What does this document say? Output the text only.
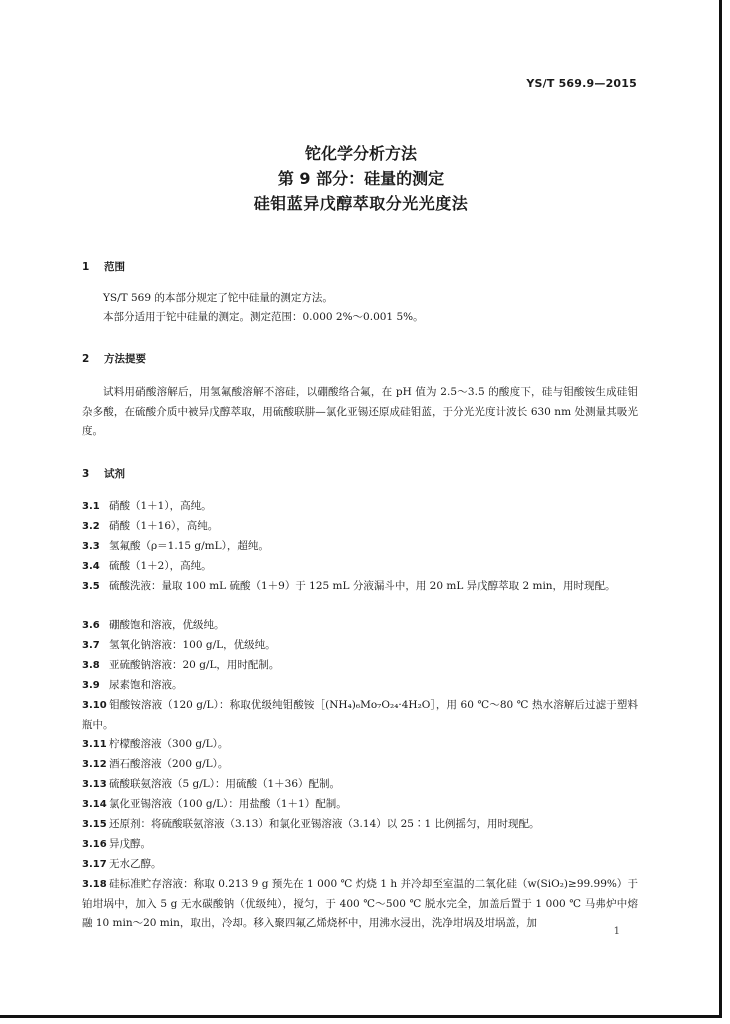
YS/T 569.9—2015
铊化学分析方法
第 9 部分：硅量的测定
硅钼蓝异戊醇萃取分光光度法
1 范围
YS/T 569 的本部分规定了铊中硅量的测定方法。
本部分适用于铊中硅量的测定。测定范围：0.000 2%～0.001 5%。
2 方法提要
试料用硝酸溶解后，用氢氟酸溶解不溶硅，以硼酸络合氟，在 pH 值为 2.5～3.5 的酸度下，硅与钼酸铵生成硅钼杂多酸，在硫酸介质中被异戊醇萃取，用硫酸联肼—氯化亚锡还原成硅钼蓝，于分光光度计波长 630 nm 处测量其吸光度。
3 试剂
3.1 硝酸（1＋1），高纯。
3.2 硝酸（1＋16），高纯。
3.3 氢氟酸（ρ＝1.15 g/mL），超纯。
3.4 硫酸（1＋2），高纯。
3.5 硫酸洗液：量取 100 mL 硫酸（1＋9）于 125 mL 分液漏斗中，用 20 mL 异戊醇萃取 2 min，用时现配。
3.6 硼酸饱和溶液，优级纯。
3.7 氢氧化钠溶液：100 g/L，优级纯。
3.8 亚硫酸钠溶液：20 g/L，用时配制。
3.9 尿素饱和溶液。
3.10 钼酸铵溶液（120 g/L）：称取优级纯钼酸铵［(NH₄)₆Mo₇O₂₄·4H₂O］，用 60 ℃～80 ℃ 热水溶解后过滤于塑料瓶中。
3.11 柠檬酸溶液（300 g/L）。
3.12 酒石酸溶液（200 g/L）。
3.13 硫酸联氨溶液（5 g/L）：用硫酸（1＋36）配制。
3.14 氯化亚锡溶液（100 g/L）：用盐酸（1＋1）配制。
3.15 还原剂：将硫酸联氨溶液（3.13）和氯化亚锡溶液（3.14）以 25∶1 比例摇匀，用时现配。
3.16 异戊醇。
3.17 无水乙醇。
3.18 硅标准贮存溶液：称取 0.213 9 g 预先在 1 000 ℃ 灼烧 1 h 并冷却至室温的二氧化硅（w(SiO₂)≥99.99%）于铂坩埚中，加入 5 g 无水碳酸钠（优级纯），搅匀，于 400 ℃～500 ℃ 脱水完全，加盖后置于 1 000 ℃ 马弗炉中熔融 10 min～20 min，取出，冷却。移入聚四氟乙烯烧杯中，用沸水浸出，洗净坩埚及坩埚盖，加
1
